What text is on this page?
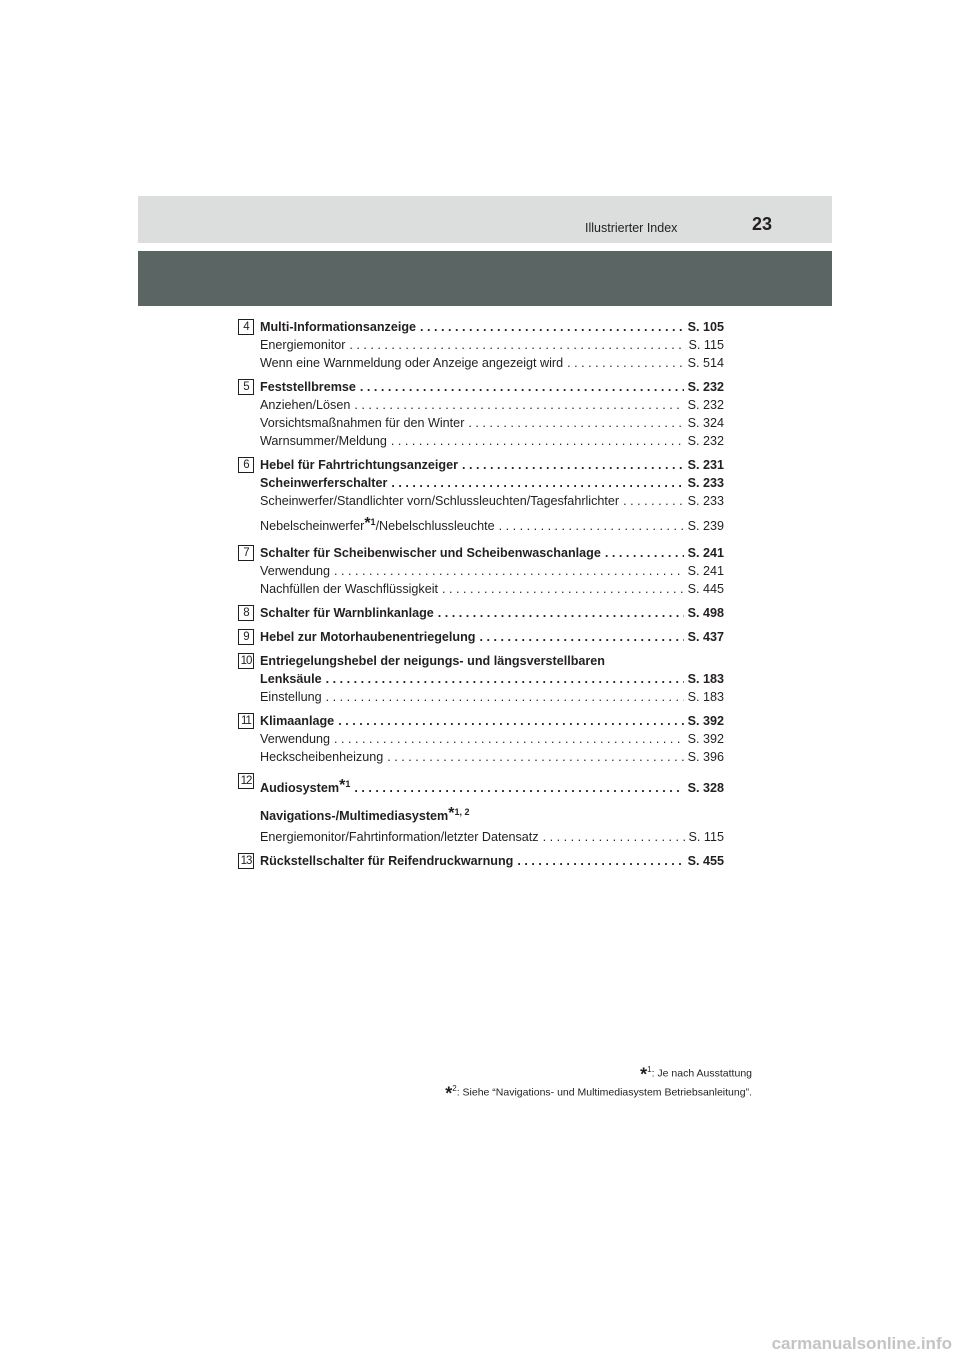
Illustrierter Index	23
4 Multi-Informationsanzeige . . .	S. 105
Energiemonitor . . .	S. 115
Wenn eine Warnmeldung oder Anzeige angezeigt wird . . .	S. 514
5 Feststellbremse . . .	S. 232
Anziehen/Lösen . . .	S. 232
Vorsichtsmaßnahmen für den Winter . . .	S. 324
Warnsummer/Meldung . . .	S. 232
6 Hebel für Fahrtrichtungsanzeiger . . .	S. 231
Scheinwerferschalter . . .	S. 233
Scheinwerfer/Standlichter vorn/Schlussleuchten/Tagesfahrlichter . . .	S. 233
Nebelscheinwerfer$^{*1}$/Nebelschlussleuchte . . .	S. 239
7 Schalter für Scheibenwischer und Scheibenwaschanlage . . .	S. 241
Verwendung . . .	S. 241
Nachfüllen der Waschflüssigkeit . . .	S. 445
8 Schalter für Warnblinkanlage . . .	S. 498
9 Hebel zur Motorhaubenentriegelung . . .	S. 437
10 Entriegelungshebel der neigungs- und längsverstellbaren
Lenksäule . . .	S. 183
Einstellung . . .	S. 183
11 Klimaanlage . . .	S. 392
Verwendung . . .	S. 392
Heckscheibenheizung . . .	S. 396
12 Audiosystem$^{*1}$ . . .	S. 328
Navigations-/Multimediasystem$^{*1, 2}$
Energiemonitor/Fahrtinformation/letzter Datensatz . . .	S. 115
13 Rückstellschalter für Reifendruckwarnung . . .	S. 455
*$^1$: Je nach Ausstattung
*$^2$: Siehe “Navigations- und Multimediasystem Betriebsanleitung”.
carmanualsonline.info
